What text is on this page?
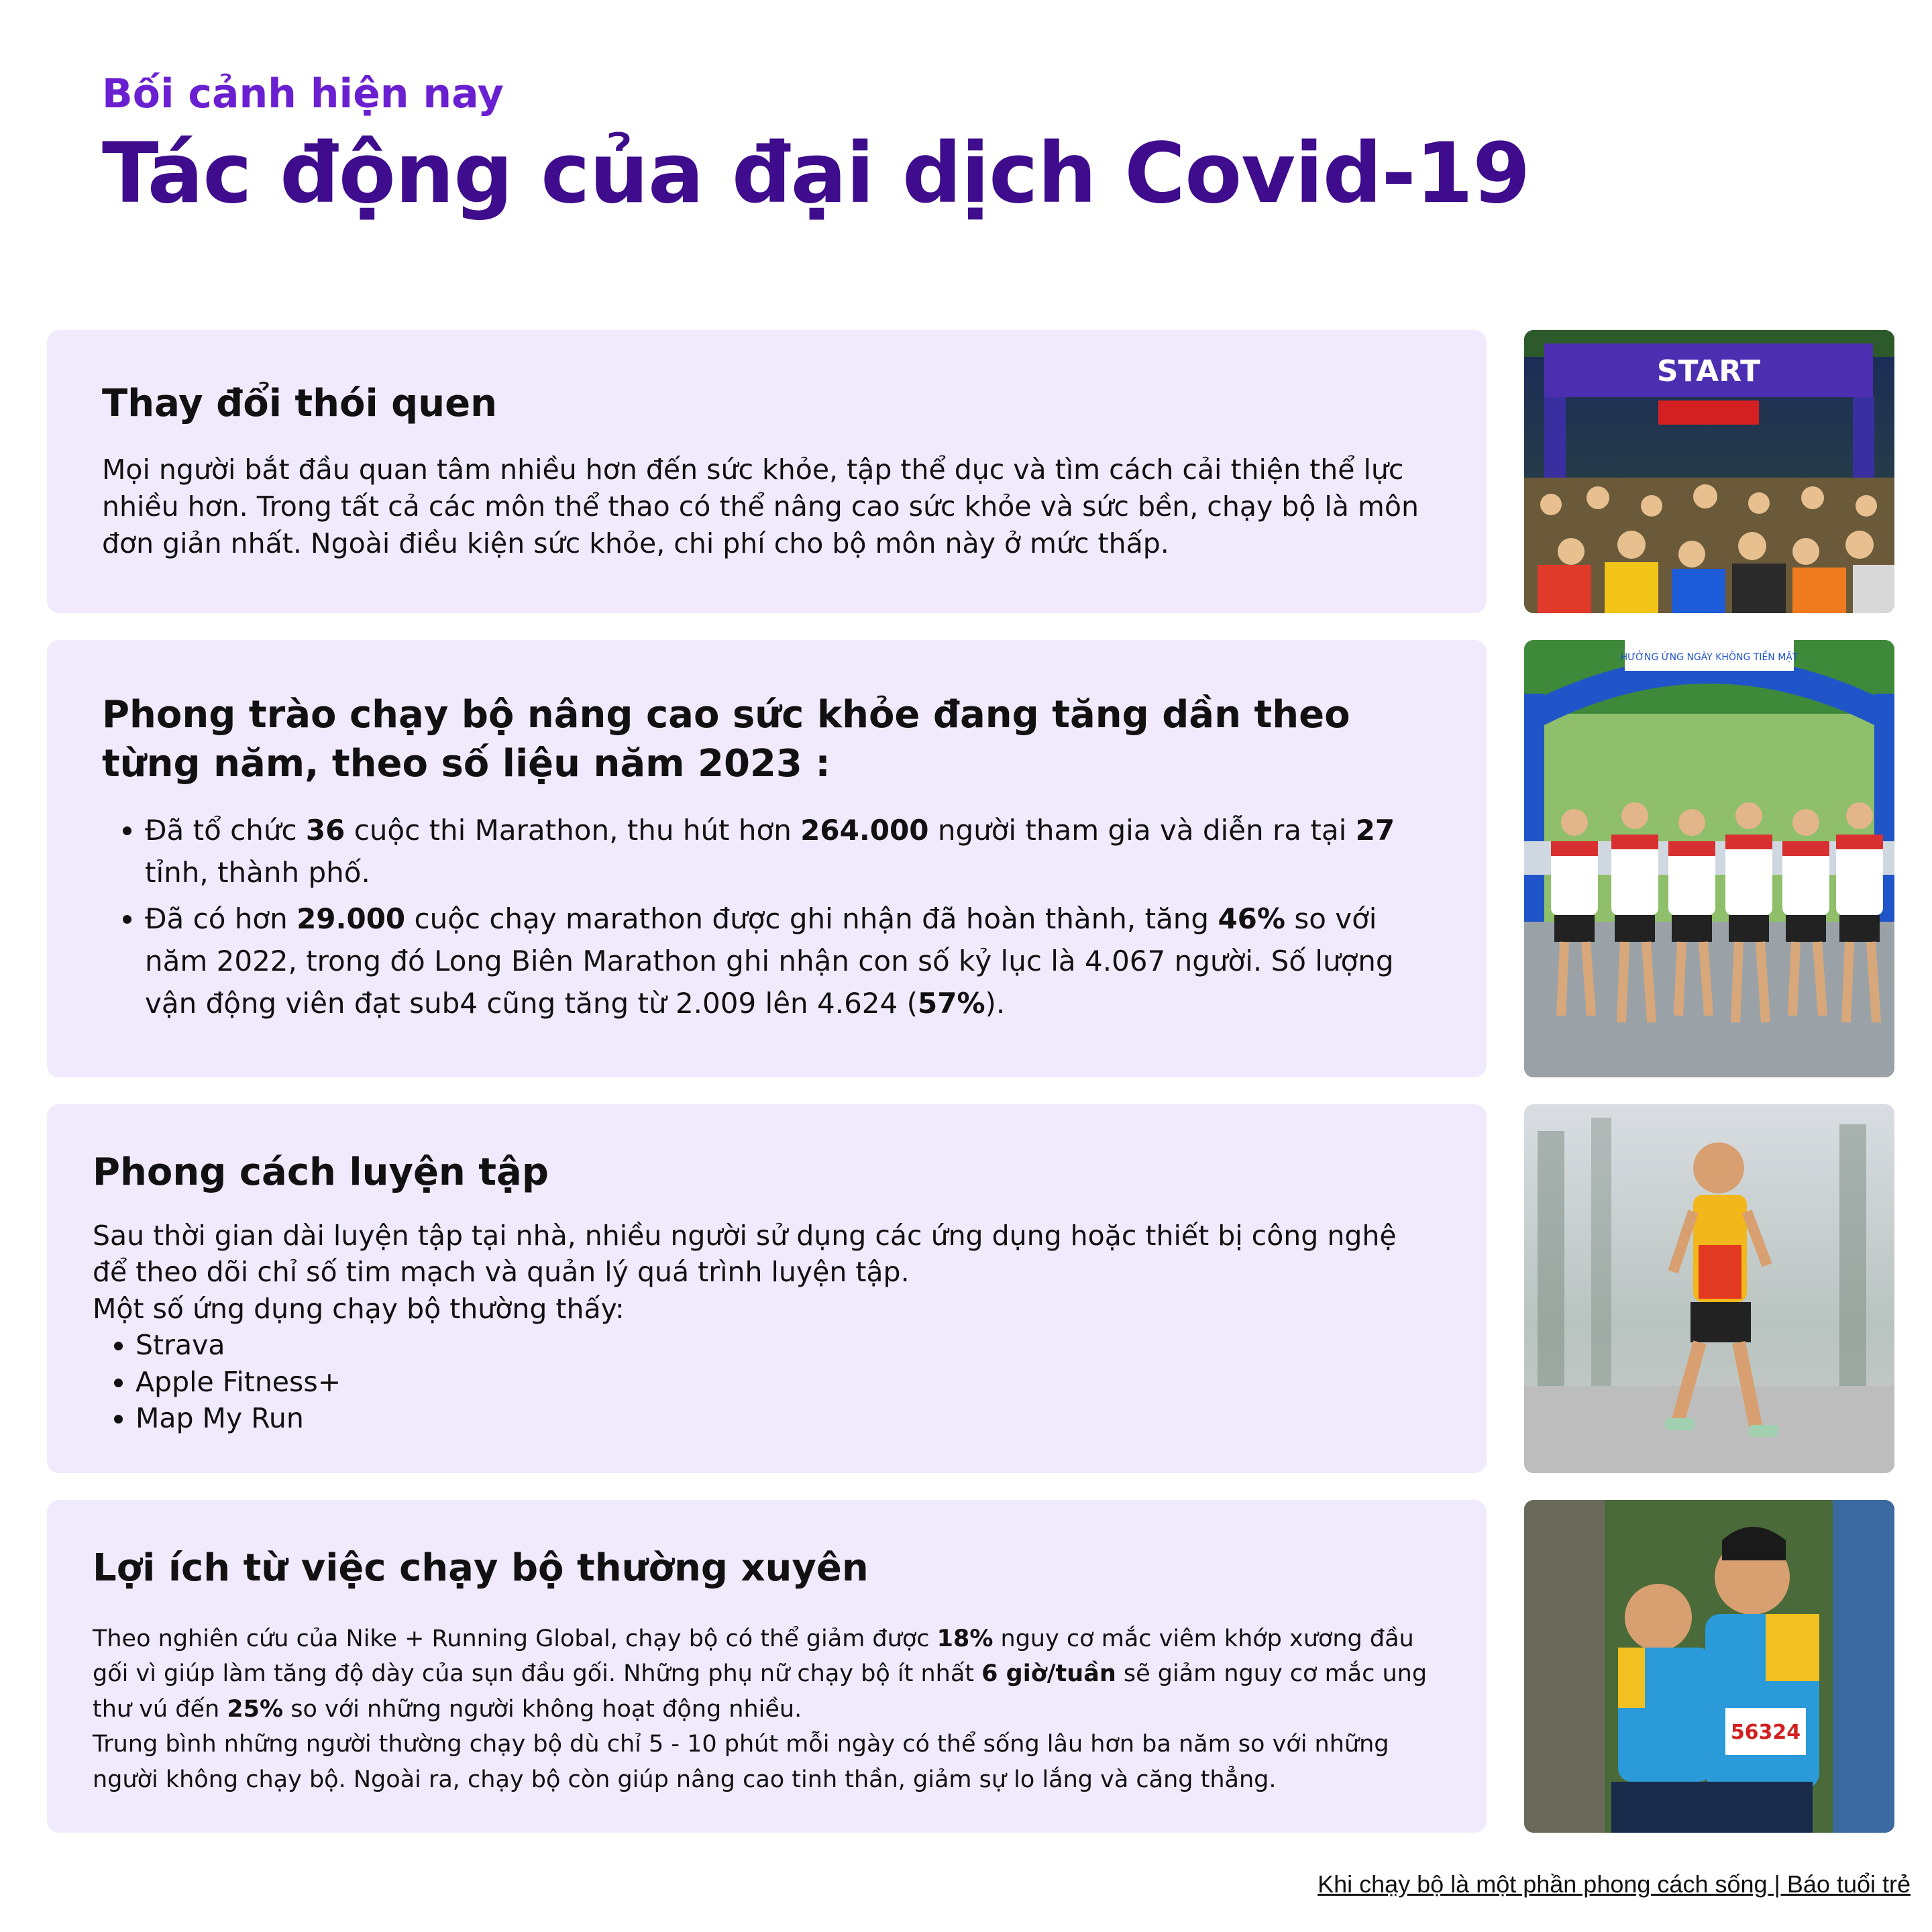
Bối cảnh hiện nay
Tác động của đại dịch Covid-19
Thay đổi thói quen

Mọi người bắt đầu quan tâm nhiều hơn đến sức khỏe, tập thể dục và tìm cách cải thiện thể lực nhiều hơn. Trong tất cả các môn thể thao có thể nâng cao sức khỏe và sức bền, chạy bộ là môn đơn giản nhất. Ngoài điều kiện sức khỏe, chi phí cho bộ môn này ở mức thấp.

Phong trào chạy bộ nâng cao sức khỏe đang tăng dần theo từng năm, theo số liệu năm 2023 :
• Đã tổ chức 36 cuộc thi Marathon, thu hút hơn 264.000 người tham gia và diễn ra tại 27 tỉnh, thành phố.
• Đã có hơn 29.000 cuộc chạy marathon được ghi nhận đã hoàn thành, tăng 46% so với năm 2022, trong đó Long Biên Marathon ghi nhận con số kỷ lục là 4.067 người. Số lượng vận động viên đạt sub4 cũng tăng từ 2.009 lên 4.624 (57%).
Phong cách luyện tập

Sau thời gian dài luyện tập tại nhà, nhiều người sử dụng các ứng dụng hoặc thiết bị công nghệ để theo dõi chỉ số tim mạch và quản lý quá trình luyện tập.

Một số ứng dụng chạy bộ thường thấy:

• Strava
• Apple Fitness+
• Map My Run
Lợi ích từ việc chạy bộ thường xuyên

Theo nghiên cứu của Nike + Running Global, chạy bộ có thể giảm được 18% nguy cơ mắc viêm khớp xương đầu gối vì giúp làm tăng độ dày của sụn đầu gối. Những phụ nữ chạy bộ ít nhất 6 giờ/tuần sẽ giảm nguy cơ mắc ung thư vú đến 25% so với những người không hoạt động nhiều.

Trung bình những người thường chạy bộ dù chỉ 5 - 10 phút mỗi ngày có thể sống lâu hơn ba năm so với những người không chạy bộ. Ngoài ra, chạy bộ còn giúp nâng cao tinh thần, giảm sự lo lắng và căng thẳng.

START
HƯỞNG ỨNG NGÀY KHÔNG TIỀN MẶT
56324
Khi chạy bộ là một phần phong cách sống | Báo tuổi trẻ
